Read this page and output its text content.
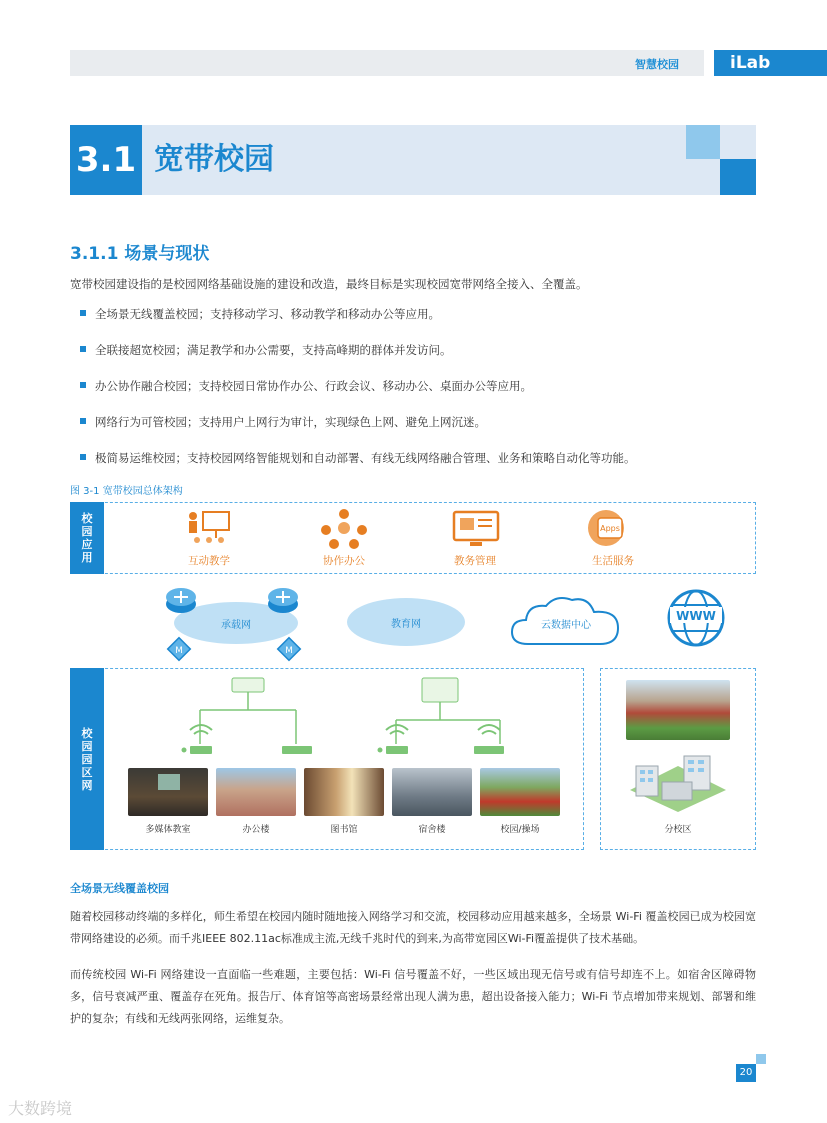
智慧校园	iLab
3.1 宽带校园
3.1.1 场景与现状
宽带校园建设指的是校园网络基础设施的建设和改造，最终目标是实现校园宽带网络全接入、全覆盖。
全场景无线覆盖校园；支持移动学习、移动教学和移动办公等应用。
全联接超宽校园；满足教学和办公需要，支持高峰期的群体并发访问。
办公协作融合校园；支持校园日常协作办公、行政会议、移动办公、桌面办公等应用。
网络行为可管校园；支持用户上网行为审计，实现绿色上网、避免上网沉迷。
极简易运维校园；支持校园网络智能规划和自动部署、有线无线网络融合管理、业务和策略自动化等功能。
图 3-1 宽带校园总体架构
校园应用
Apps
互动教学	协作办公	教务管理	生活服务
承载网
M	M
教育网	云数据中心
WWW
校园园区网
多媒体教室	办公楼	图书馆	宿舍楼	校园/操场	分校区
全场景无线覆盖校园
随着校园移动终端的多样化，师生希望在校园内随时随地接入网络学习和交流，校园移动应用越来越多，全场景 Wi-Fi 覆盖校园已成为校园宽带网络建设的必须。而千兆IEEE 802.11ac标准成主流,无线千兆时代的到来,为高带宽园区Wi-Fi覆盖提供了技术基础。
而传统校园 Wi-Fi 网络建设一直面临一些难题，主要包括：Wi-Fi 信号覆盖不好，一些区域出现无信号或有信号却连不上。如宿舍区障碍物多，信号衰减严重、覆盖存在死角。报告厅、体育馆等高密场景经常出现人满为患，超出设备接入能力；Wi-Fi 节点增加带来规划、部署和维护的复杂；有线和无线两张网络，运维复杂。
20
大数跨境
